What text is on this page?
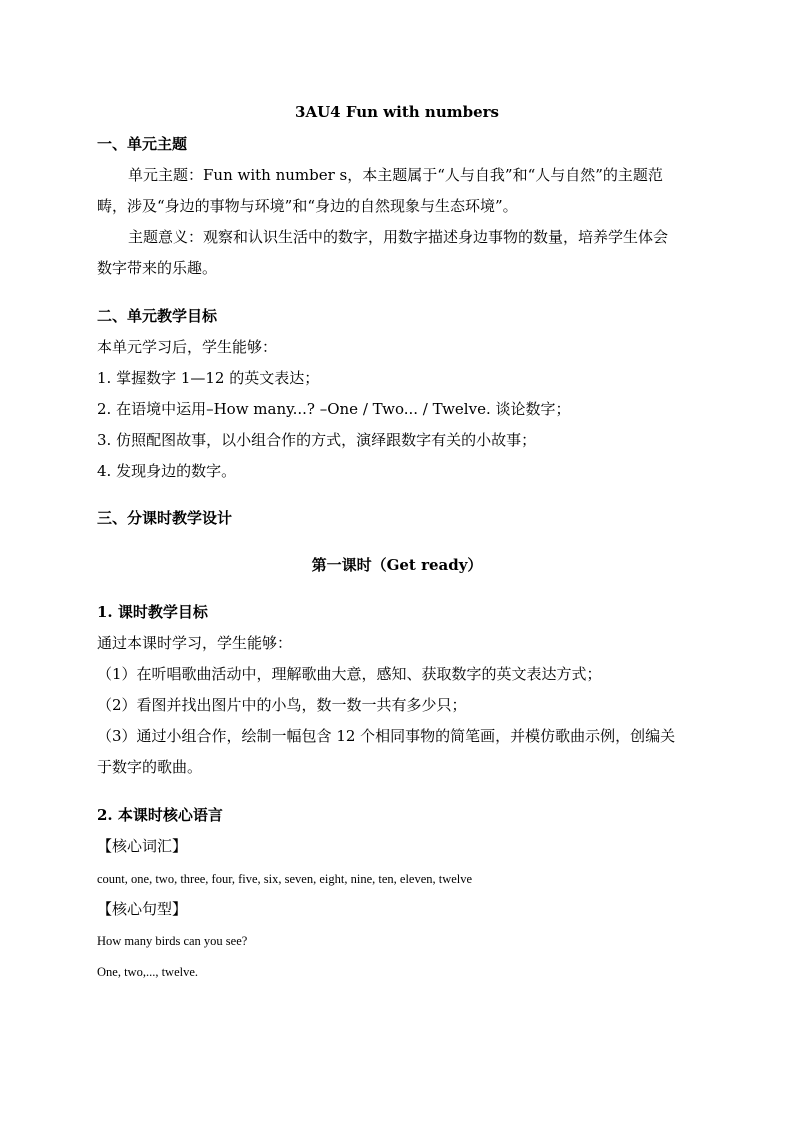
3AU4 Fun with numbers
一、单元主题
单元主题：Fun with number s，本主题属于“人与自我”和“人与自然”的主题范
畴，涉及“身边的事物与环境”和“身边的自然现象与生态环境”。
主题意义：观察和认识生活中的数字，用数字描述身边事物的数量，培养学生体会
数字带来的乐趣。
二、单元教学目标
本单元学习后，学生能够：
1. 掌握数字 1—12 的英文表达；
2. 在语境中运用–How many...? –One / Two... / Twelve. 谈论数字；
3. 仿照配图故事，以小组合作的方式，演绎跟数字有关的小故事；
4. 发现身边的数字。
三、分课时教学设计
第一课时（Get ready）
1. 课时教学目标
通过本课时学习，学生能够：
（1）在听唱歌曲活动中，理解歌曲大意，感知、获取数字的英文表达方式；
（2）看图并找出图片中的小鸟，数一数一共有多少只；
（3）通过小组合作，绘制一幅包含 12 个相同事物的简笔画，并模仿歌曲示例，创编关
于数字的歌曲。
2. 本课时核心语言
【核心词汇】
count, one, two, three, four, five, six, seven, eight, nine, ten, eleven, twelve
【核心句型】
How many birds can you see?
One, two,..., twelve.
